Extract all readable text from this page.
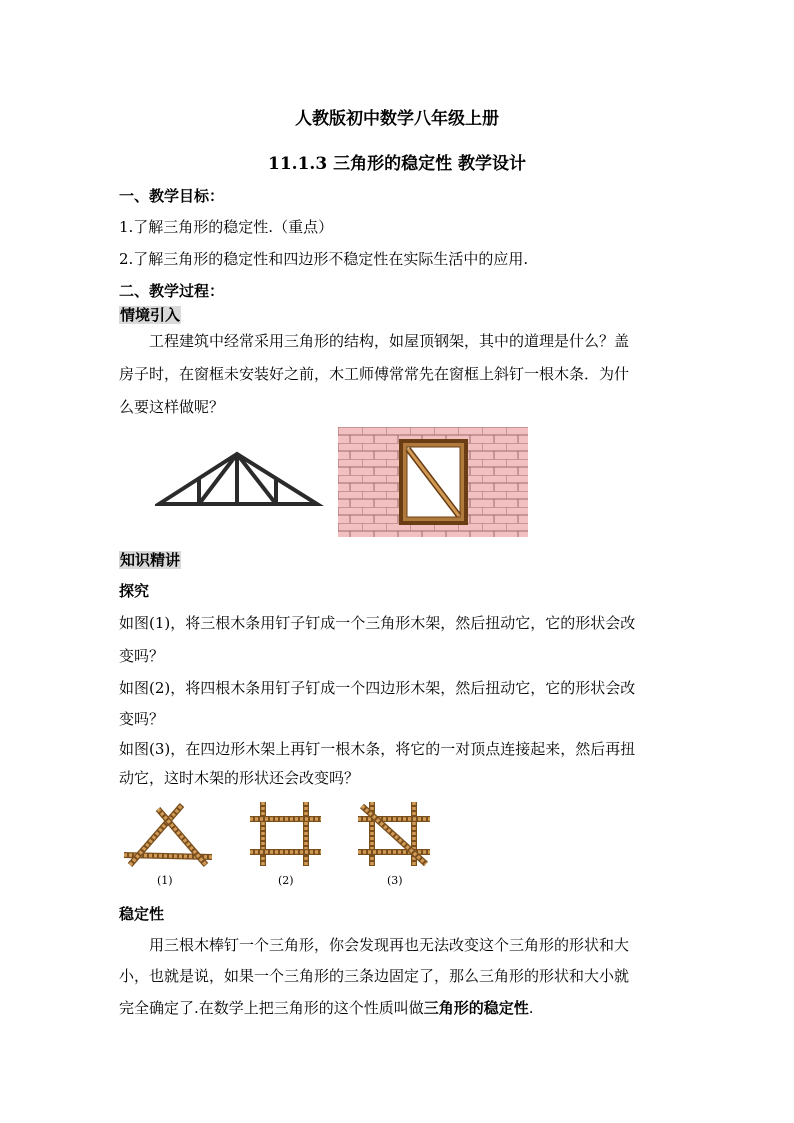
人教版初中数学八年级上册
11.1.3 三角形的稳定性 教学设计
一、教学目标：
1.了解三角形的稳定性.（重点）
2.了解三角形的稳定性和四边形不稳定性在实际生活中的应用.
二、教学过程：
情境引入
工程建筑中经常采用三角形的结构，如屋顶钢架，其中的道理是什么？盖
房子时，在窗框未安装好之前，木工师傅常常先在窗框上斜钉一根木条．为什
么要这样做呢？
知识精讲
探究
如图(1)，将三根木条用钉子钉成一个三角形木架，然后扭动它，它的形状会改
变吗？
如图(2)，将四根木条用钉子钉成一个四边形木架，然后扭动它，它的形状会改
变吗？
如图(3)，在四边形木架上再钉一根木条，将它的一对顶点连接起来，然后再扭
动它，这时木架的形状还会改变吗？
(1)	(2)	(3)
稳定性
用三根木棒钉一个三角形，你会发现再也无法改变这个三角形的形状和大
小，也就是说，如果一个三角形的三条边固定了，那么三角形的形状和大小就
完全确定了.在数学上把三角形的这个性质叫做三角形的稳定性.
